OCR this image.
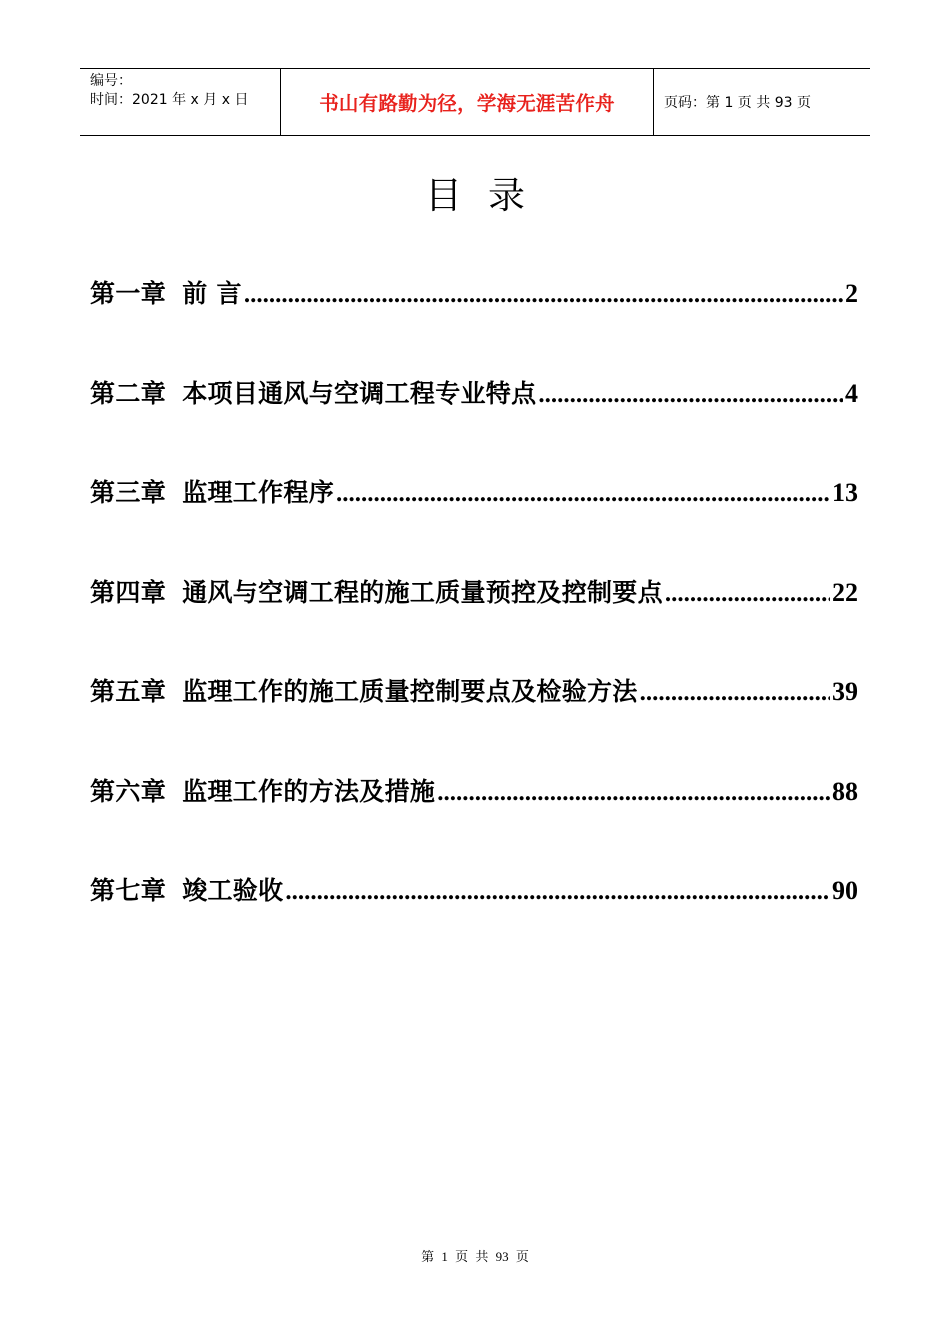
编号：
时间：2021 年 x 月 x 日	书山有路勤为径，学海无涯苦作舟	页码：第 1 页 共 93 页
目录
第一章 前 言 .....	2
第二章 本项目通风与空调工程专业特点 .....	4
第三章 监理工作程序 .....	13
第四章 通风与空调工程的施工质量预控及控制要点 .....	22
第五章 监理工作的施工质量控制要点及检验方法 .....	39
第六章 监理工作的方法及措施 .....	88
第七章 竣工验收 .....	90
第 1 页 共 93 页
